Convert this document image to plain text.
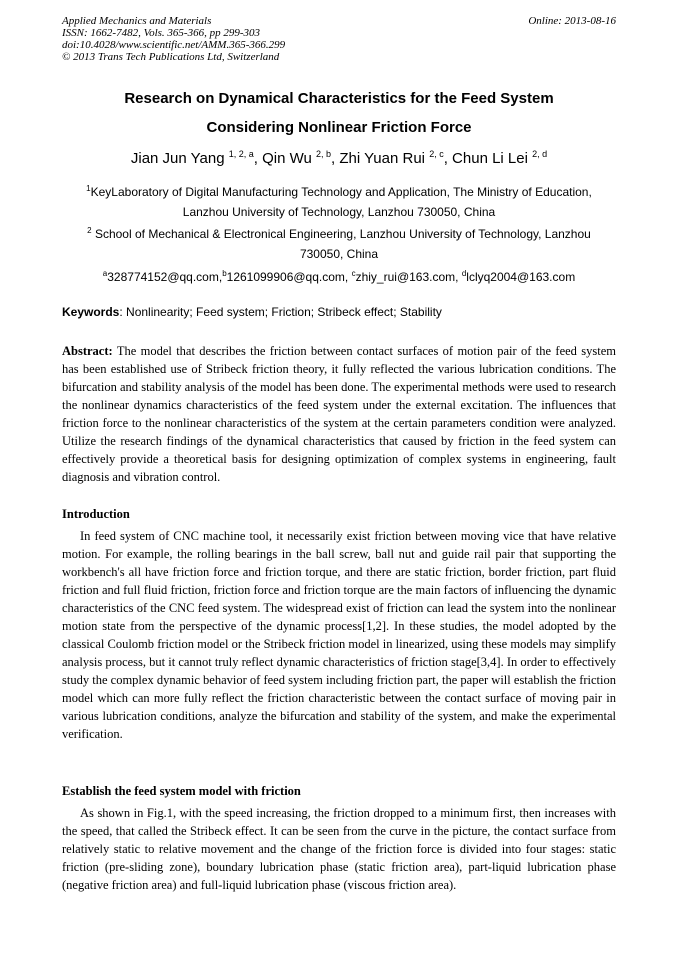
Applied Mechanics and Materials
ISSN: 1662-7482, Vols. 365-366, pp 299-303
doi:10.4028/www.scientific.net/AMM.365-366.299
© 2013 Trans Tech Publications Ltd, Switzerland
Online: 2013-08-16
Research on Dynamical Characteristics for the Feed System
Considering Nonlinear Friction Force
Jian Jun Yang $^{1, 2, a}$, Qin Wu $^{2, b}$, Zhi Yuan Rui $^{2, c}$, Chun Li Lei $^{2, d}$
$^1$KeyLaboratory of Digital Manufacturing Technology and Application, The Ministry of Education,
Lanzhou University of Technology, Lanzhou 730050, China
$^2$ School of Mechanical & Electronical Engineering, Lanzhou University of Technology, Lanzhou
730050, China
$^a$328774152@qq.com,$^b$1261099906@qq.com, $^c$zhiy_rui@163.com, $^d$lclyq2004@163.com
Keywords: Nonlinearity; Feed system; Friction; Stribeck effect; Stability
Abstract: The model that describes the friction between contact surfaces of motion pair of the feed system has been established use of Stribeck friction theory, it fully reflected the various lubrication conditions. The bifurcation and stability analysis of the model has been done. The experimental methods were used to research the nonlinear dynamics characteristics of the feed system under the external excitation. The influences that friction force to the nonlinear characteristics of the system at the certain parameters condition were analyzed. Utilize the research findings of the dynamical characteristics that caused by friction in the feed system can effectively provide a theoretical basis for designing optimization of complex systems in engineering, fault diagnosis and vibration control.
Introduction
In feed system of CNC machine tool, it necessarily exist friction between moving vice that have relative motion. For example, the rolling bearings in the ball screw, ball nut and guide rail pair that supporting the workbench's all have friction force and friction torque, and there are static friction, border friction, part fluid friction and full fluid friction, friction force and friction torque are the main factors of influencing the dynamic characteristics of the CNC feed system. The widespread exist of friction can lead the system into the nonlinear motion state from the perspective of the dynamic process[1,2]. In these studies, the model adopted by the classical Coulomb friction model or the Stribeck friction model in linearized, using these models may simplify analysis process, but it cannot truly reflect dynamic characteristics of friction stage[3,4]. In order to effectively study the complex dynamic behavior of feed system including friction part, the paper will establish the friction model which can more fully reflect the friction characteristic between the contact surface of moving pair in various lubrication conditions, analyze the bifurcation and stability of the system, and make the experimental verification.
Establish the feed system model with friction
As shown in Fig.1, with the speed increasing, the friction dropped to a minimum first, then increases with the speed, that called the Stribeck effect. It can be seen from the curve in the picture, the contact surface from relatively static to relative movement and the change of the friction force is divided into four stages: static friction (pre-sliding zone), boundary lubrication phase (static friction area), part-liquid lubrication phase (negative friction area) and full-liquid lubrication phase (viscous friction area).
